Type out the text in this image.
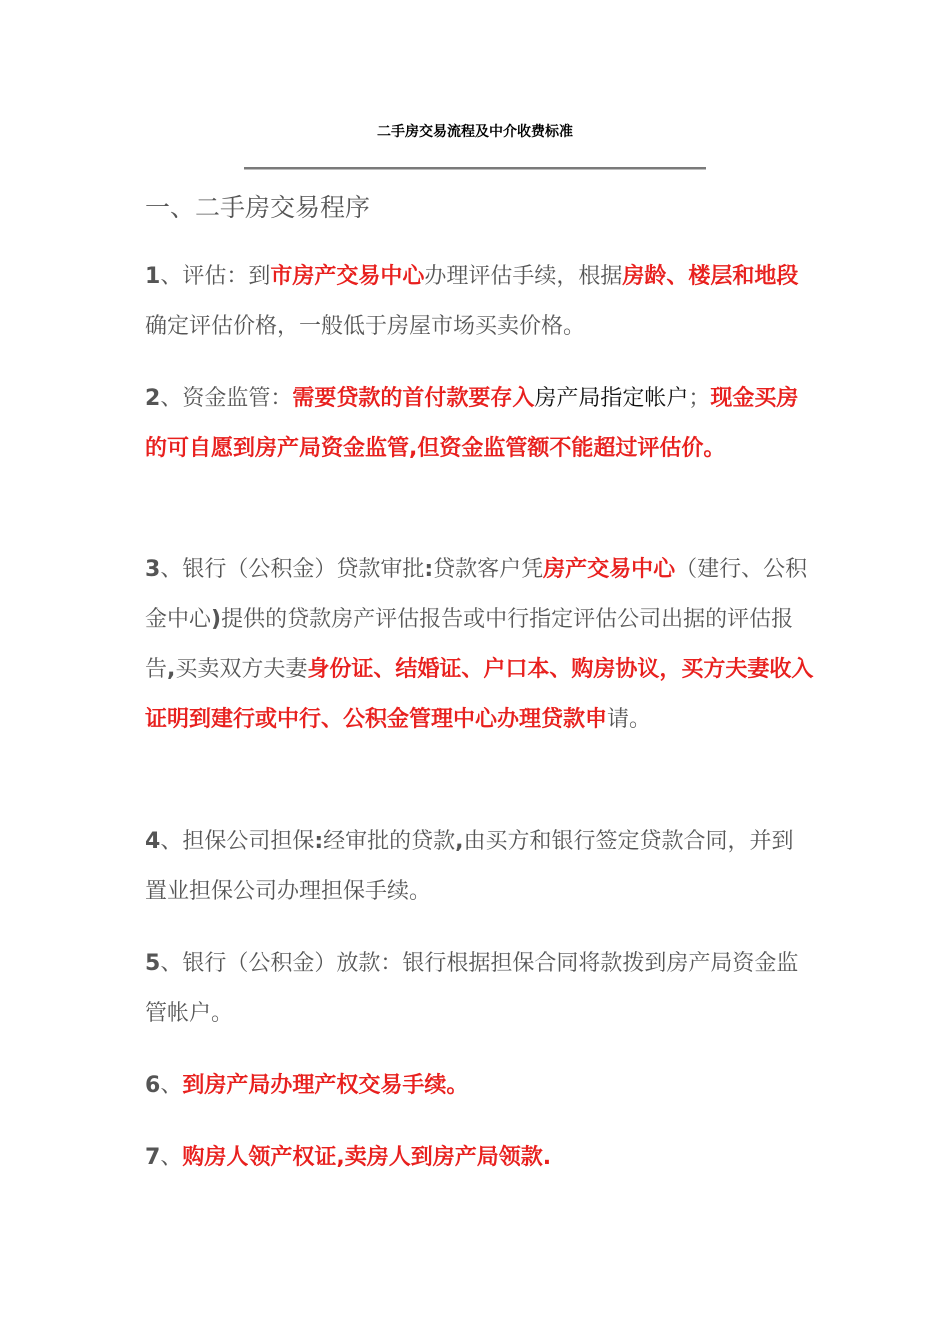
二手房交易流程及中介收费标准
一、二手房交易程序
1、评估：到市房产交易中心办理评估手续，根据房龄、楼层和地段确定评估价格，一般低于房屋市场买卖价格。
2、资金监管：需要贷款的首付款要存入房产局指定帐户；现金买房的可自愿到房产局资金监管,但资金监管额不能超过评估价。
3、银行（公积金）贷款审批:贷款客户凭房产交易中心（建行、公积金中心)提供的贷款房产评估报告或中行指定评估公司出据的评估报告,买卖双方夫妻身份证、结婚证、户口本、购房协议，买方夫妻收入证明到建行或中行、公积金管理中心办理贷款申请。
4、担保公司担保:经审批的贷款,由买方和银行签定贷款合同，并到置业担保公司办理担保手续。
5、银行（公积金）放款：银行根据担保合同将款拨到房产局资金监管帐户。
6、到房产局办理产权交易手续。
7、购房人领产权证,卖房人到房产局领款.
